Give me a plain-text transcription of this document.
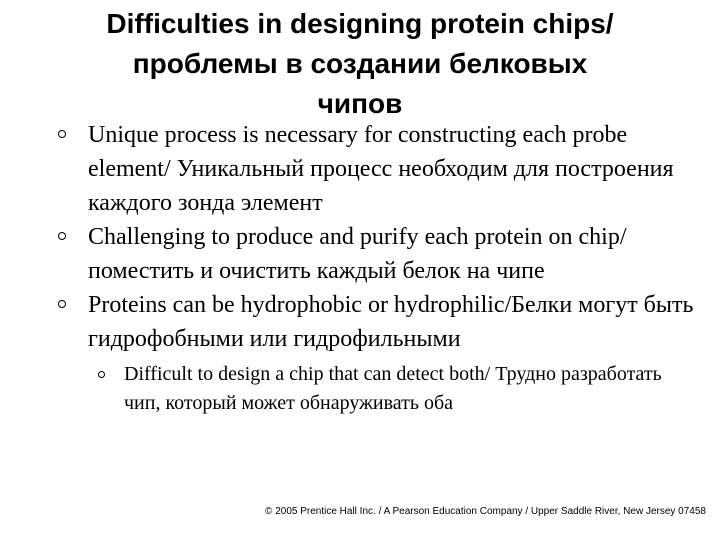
Difficulties in designing protein chips/
проблемы в создании белковых
чипов
Unique process is necessary for constructing each probe element/ Уникальный процесс необходим для построения каждого зонда элемент
Challenging to produce and purify each protein on chip/ поместить и очистить каждый белок на чипе
Proteins can be hydrophobic or hydrophilic/Белки могут быть гидрофобными или гидрофильными
Difficult to design a chip that can detect both/ Трудно разработать чип, который может обнаруживать оба
© 2005 Prentice Hall Inc. / A Pearson Education Company / Upper Saddle River, New Jersey 07458
